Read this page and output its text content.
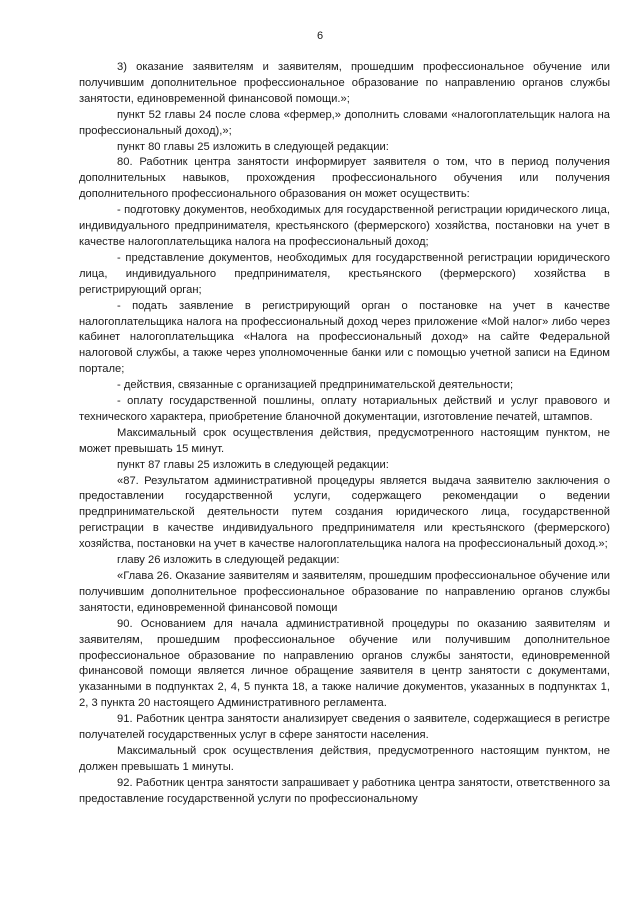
6

3) оказание заявителям и заявителям, прошедшим профессиональное обучение или получившим дополнительное профессиональное образование по направлению органов службы занятости, единовременной финансовой помощи.»;

пункт 52 главы 24 после слова «фермер,» дополнить словами «налогоплательщик налога на профессиональный доход),»;

пункт 80 главы 25 изложить в следующей редакции:

80. Работник центра занятости информирует заявителя о том, что в период получения дополнительных навыков, прохождения профессионального обучения или получения дополнительного профессионального образования он может осуществить:

- подготовку документов, необходимых для государственной регистрации юридического лица, индивидуального предпринимателя, крестьянского (фермерского) хозяйства, постановки на учет в качестве налогоплательщика налога на профессиональный доход;

- представление документов, необходимых для государственной регистрации юридического лица, индивидуального предпринимателя, крестьянского (фермерского) хозяйства в регистрирующий орган;

- подать заявление в регистрирующий орган о постановке на учет в качестве налогоплательщика налога на профессиональный доход через приложение «Мой налог» либо через кабинет налогоплательщика «Налога на профессиональный доход» на сайте Федеральной налоговой службы, а также через уполномоченные банки или с помощью учетной записи на Едином портале;

- действия, связанные с организацией предпринимательской деятельности;

- оплату государственной пошлины, оплату нотариальных действий и услуг правового и технического характера, приобретение бланочной документации, изготовление печатей, штампов.

Максимальный срок осуществления действия, предусмотренного настоящим пунктом, не может превышать 15 минут.

пункт 87 главы 25 изложить в следующей редакции:

«87. Результатом административной процедуры является выдача заявителю заключения о предоставлении государственной услуги, содержащего рекомендации о ведении предпринимательской деятельности путем создания юридического лица, государственной регистрации в качестве индивидуального предпринимателя или крестьянского (фермерского) хозяйства, постановки на учет в качестве налогоплательщика налога на профессиональный доход.»;

главу 26 изложить в следующей редакции:

«Глава 26. Оказание заявителям и заявителям, прошедшим профессиональное обучение или получившим дополнительное профессиональное образование по направлению органов службы занятости, единовременной финансовой помощи

90. Основанием для начала административной процедуры по оказанию заявителям и заявителям, прошедшим профессиональное обучение или получившим дополнительное профессиональное образование по направлению органов службы занятости, единовременной финансовой помощи является личное обращение заявителя в центр занятости с документами, указанными в подпунктах 2, 4, 5 пункта 18, а также наличие документов, указанных в подпунктах 1, 2, 3 пункта 20 настоящего Административного регламента.

91. Работник центра занятости анализирует сведения о заявителе, содержащиеся в регистре получателей государственных услуг в сфере занятости населения.

Максимальный срок осуществления действия, предусмотренного настоящим пунктом, не должен превышать 1 минуты.

92. Работник центра занятости запрашивает у работника центра занятости, ответственного за предоставление государственной услуги по профессиональному
